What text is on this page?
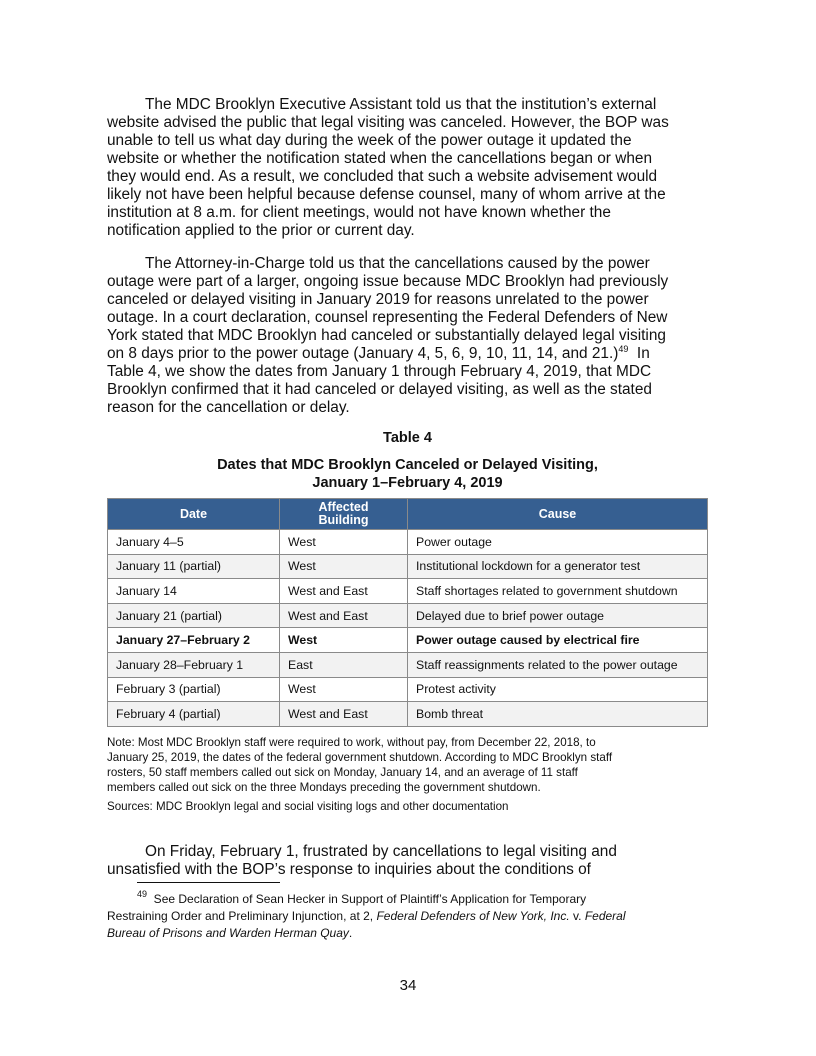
The MDC Brooklyn Executive Assistant told us that the institution’s external
website advised the public that legal visiting was canceled. However, the BOP was
unable to tell us what day during the week of the power outage it updated the
website or whether the notification stated when the cancellations began or when
they would end. As a result, we concluded that such a website advisement would
likely not have been helpful because defense counsel, many of whom arrive at the
institution at 8 a.m. for client meetings, would not have known whether the
notification applied to the prior or current day.
The Attorney-in-Charge told us that the cancellations caused by the power
outage were part of a larger, ongoing issue because MDC Brooklyn had previously
canceled or delayed visiting in January 2019 for reasons unrelated to the power
outage. In a court declaration, counsel representing the Federal Defenders of New
York stated that MDC Brooklyn had canceled or substantially delayed legal visiting
on 8 days prior to the power outage (January 4, 5, 6, 9, 10, 11, 14, and 21.)$^{49}$  In
Table 4, we show the dates from January 1 through February 4, 2019, that MDC
Brooklyn confirmed that it had canceled or delayed visiting, as well as the stated
reason for the cancellation or delay.
Table 4
Dates that MDC Brooklyn Canceled or Delayed Visiting,
January 1–February 4, 2019
Date	Affected Building	Cause
January 4–5	West	Power outage
January 11 (partial)	West	Institutional lockdown for a generator test
January 14	West and East	Staff shortages related to government shutdown
January 21 (partial)	West and East	Delayed due to brief power outage
January 27–February 2	West	Power outage caused by electrical fire
January 28–February 1	East	Staff reassignments related to the power outage
February 3 (partial)	West	Protest activity
February 4 (partial)	West and East	Bomb threat
Note: Most MDC Brooklyn staff were required to work, without pay, from December 22, 2018, to
January 25, 2019, the dates of the federal government shutdown. According to MDC Brooklyn staff
rosters, 50 staff members called out sick on Monday, January 14, and an average of 11 staff
members called out sick on the three Mondays preceding the government shutdown.
Sources: MDC Brooklyn legal and social visiting logs and other documentation
On Friday, February 1, frustrated by cancellations to legal visiting and
unsatisfied with the BOP’s response to inquiries about the conditions of
$^{49}$  See Declaration of Sean Hecker in Support of Plaintiff’s Application for Temporary
Restraining Order and Preliminary Injunction, at 2, Federal Defenders of New York, Inc. v. Federal
Bureau of Prisons and Warden Herman Quay.
34
